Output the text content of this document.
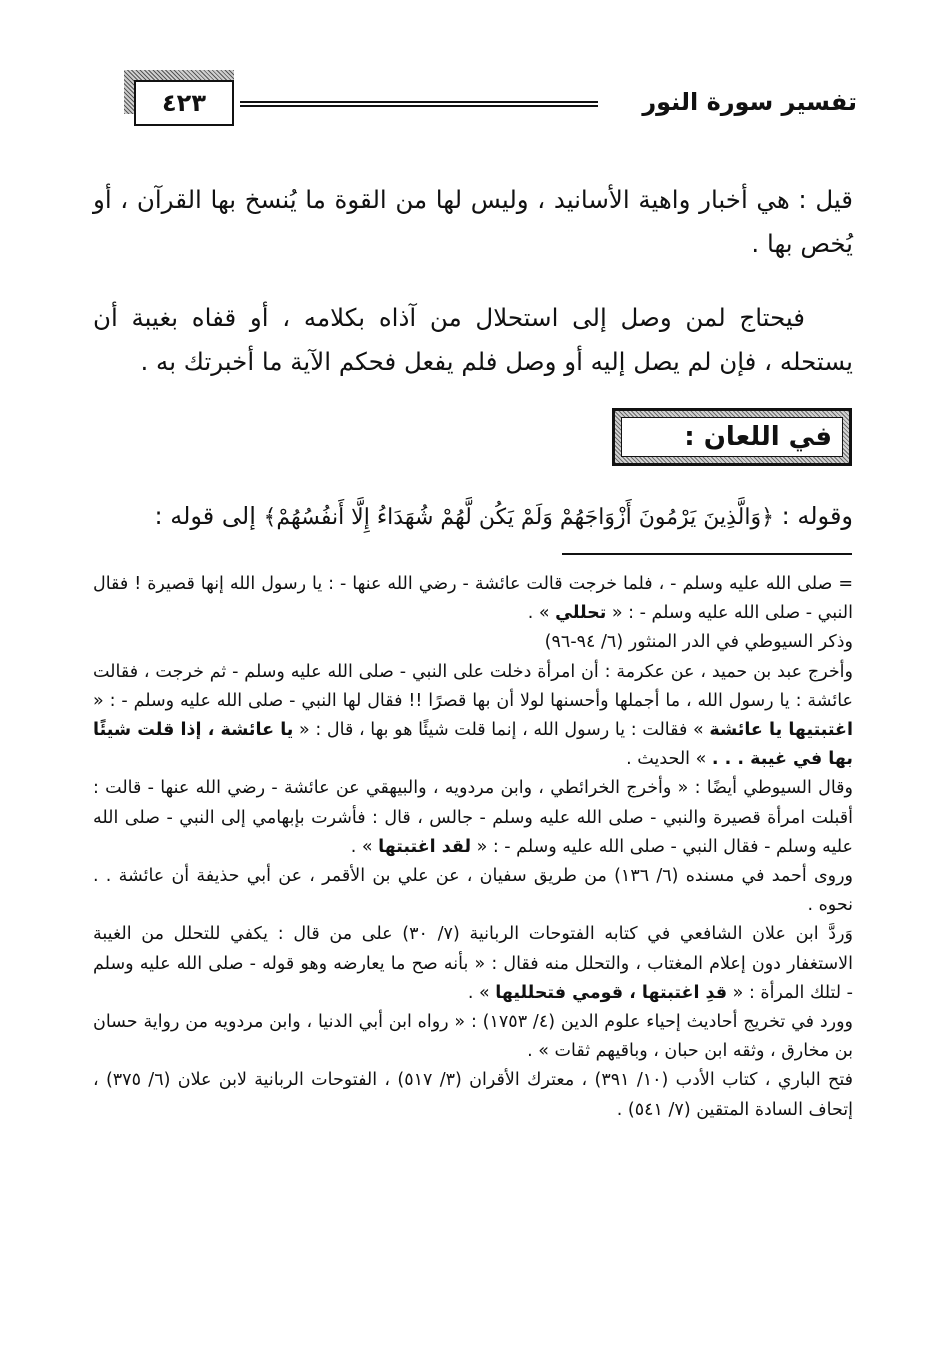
تفسير سورة النور
٤٢٣

قيل : هي أخبار واهية الأسانيد ، وليس لها من القوة ما يُنسخ بها القرآن ، أو يُخص بها .

فيحتاج لمن وصل إلى استحلال من آذاه بكلامه ، أو قفاه بغيبة أن يستحله ، فإن لم يصل إليه أو وصل فلم يفعل فحكم الآية ما أخبرتك به .

في اللعان :
وقوله : ﴿وَالَّذِينَ يَرْمُونَ أَزْوَاجَهُمْ وَلَمْ يَكُن لَّهُمْ شُهَدَاءُ إِلَّا أَنفُسُهُمْ﴾ إلى قوله :

= صلى الله عليه وسلم - ، فلما خرجت قالت عائشة - رضي الله عنها - : يا رسول الله إنها قصيرة ! فقال النبي - صلى الله عليه وسلم - : « تحللي » .

وذكر السيوطي في الدر المنثور (٦/ ٩٤-٩٦)

وأخرج عبد بن حميد ، عن عكرمة : أن امرأة دخلت على النبي - صلى الله عليه وسلم - ثم خرجت ، فقالت عائشة : يا رسول الله ، ما أجملها وأحسنها لولا أن بها قصرًا !! فقال لها النبي - صلى الله عليه وسلم - : « اغتبتيها يا عائشة » فقالت : يا رسول الله ، إنما قلت شيئًا هو بها ، قال : « يا عائشة ، إذا قلت شيئًا بها في غيبة . . . » الحديث .

وقال السيوطي أيضًا : « وأخرج الخرائطي ، وابن مردويه ، والبيهقي عن عائشة - رضي الله عنها - قالت : أقبلت امرأة قصيرة والنبي - صلى الله عليه وسلم - جالس ، قال : فأشرت بإبهامي إلى النبي - صلى الله عليه وسلم - فقال النبي - صلى الله عليه وسلم - : « لقد اغتبتها » .

وروى أحمد في مسنده (٦/ ١٣٦) من طريق سفيان ، عن علي بن الأقمر ، عن أبي حذيفة أن عائشة . . نحوه .

وَردَّ ابن علان الشافعي في كتابه الفتوحات الربانية (٧/ ٣٠) على من قال : يكفي للتحلل من الغيبة الاستغفار دون إعلام المغتاب ، والتحلل منه فقال : « بأنه صح ما يعارضه وهو قوله - صلى الله عليه وسلم - لتلك المرأة : « قدِ اغتبتها ، قومي فتحلليها » .

وورد في تخريج أحاديث إحياء علوم الدين (٤/ ١٧٥٣) : « رواه ابن أبي الدنيا ، وابن مردويه من رواية حسان بن مخارق ، وثقه ابن حبان ، وباقيهم ثقات » .

فتح الباري ، كتاب الأدب (١٠/ ٣٩١) ، معترك الأقران (٣/ ٥١٧) ، الفتوحات الربانية لابن علان (٦/ ٣٧٥) ، إتحاف السادة المتقين (٧/ ٥٤١) .
